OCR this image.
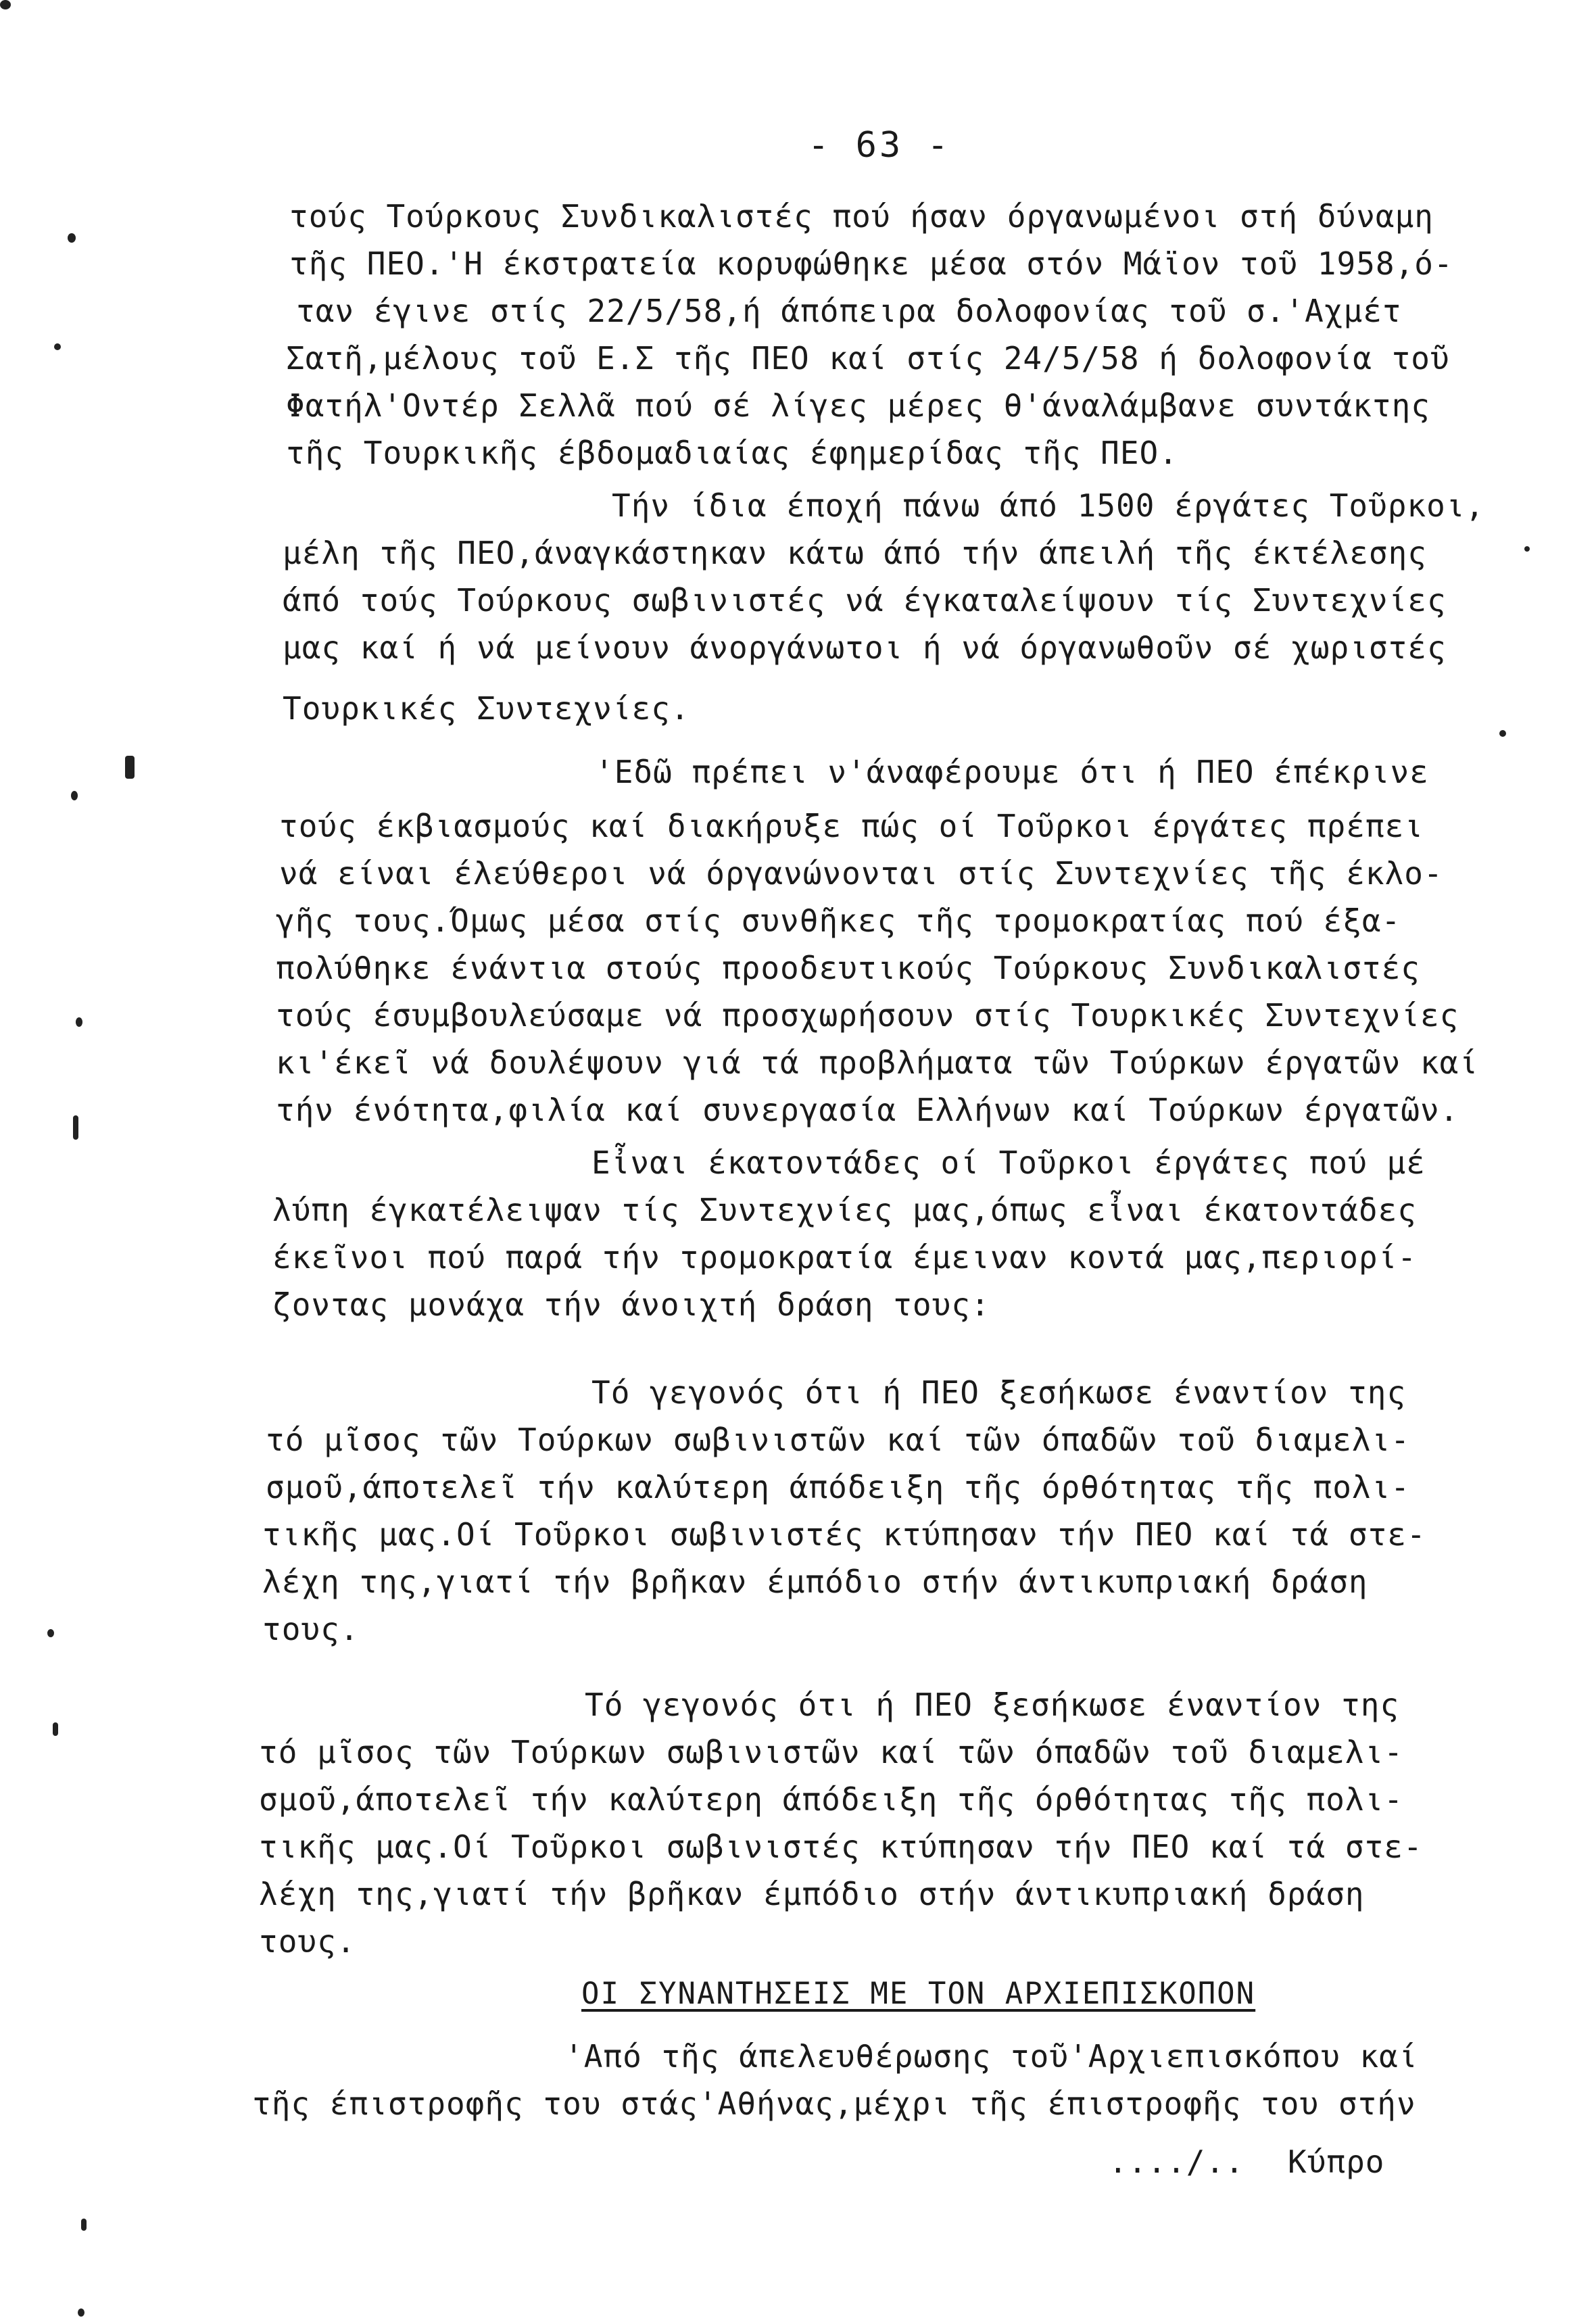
- 63 -
τούς Τούρκους Συνδικαλιστές πού ήσαν όργανωμένοι στή δύναμη
τῆς ΠΕΟ.'Η έκστρατεία κορυφώθηκε μέσα στόν Μάϊον τοῦ 1958,ό-
ταν έγινε στίς 22/5/58,ή άπόπειρα δολοφονίας τοῦ σ.'Αχμέτ
Σατῆ,μέλους τοῦ Ε.Σ τῆς ΠΕΟ καί στίς 24/5/58 ή δολοφονία τοῦ
Φατήλ'Οντέρ Σελλᾶ πού σέ λίγες μέρες θ'άναλάμβανε συντάκτης
τῆς Τουρκικῆς έβδομαδιαίας έφημερίδας τῆς ΠΕΟ.
Τήν ίδια έποχή πάνω άπό 1500 έργάτες Τοῦρκοι,
μέλη τῆς ΠΕΟ,άναγκάστηκαν κάτω άπό τήν άπειλή τῆς έκτέλεσης
άπό τούς Τούρκους σωβινιστές νά έγκαταλείψουν τίς Συντεχνίες
μας καί ή νά μείνουν άνοργάνωτοι ή νά όργανωθοῦν σέ χωριστές
Τουρκικές Συντεχνίες.
'Εδῶ πρέπει ν'άναφέρουμε ότι ή ΠΕΟ έπέκρινε
τούς έκβιασμούς καί διακήρυξε πώς οί Τοῦρκοι έργάτες πρέπει
νά είναι έλεύθεροι νά όργανώνονται στίς Συντεχνίες τῆς έκλο-
γῆς τους.Όμως μέσα στίς συνθῆκες τῆς τρομοκρατίας πού έξα-
πολύθηκε ένάντια στούς προοδευτικούς Τούρκους Συνδικαλιστές
τούς έσυμβουλεύσαμε νά προσχωρήσουν στίς Τουρκικές Συντεχνίες
κι'έκεῖ νά δουλέψουν γιά τά προβλήματα τῶν Τούρκων έργατῶν καί
τήν ένότητα,φιλία καί συνεργασία Ελλήνων καί Τούρκων έργατῶν.
Εἶναι έκατοντάδες οί Τοῦρκοι έργάτες πού μέ
λύπη έγκατέλειψαν τίς Συντεχνίες μας,όπως εἶναι έκατοντάδες
έκεῖνοι πού παρά τήν τρομοκρατία έμειναν κοντά μας,περιορί-
ζοντας μονάχα τήν άνοιχτή δράση τους:
Τό γεγονός ότι ή ΠΕΟ ξεσήκωσε έναντίον της
τό μῖσος τῶν Τούρκων σωβινιστῶν καί τῶν όπαδῶν τοῦ διαμελι-
σμοῦ,άποτελεῖ τήν καλύτερη άπόδειξη τῆς όρθότητας τῆς πολι-
τικῆς μας.Οί Τοῦρκοι σωβινιστές κτύπησαν τήν ΠΕΟ καί τά στε-
λέχη της,γιατί τήν βρῆκαν έμπόδιο στήν άντικυπριακή δράση
τους.
Τό γεγονός ότι ή ΠΕΟ ξεσήκωσε έναντίον της
τό μῖσος τῶν Τούρκων σωβινιστῶν καί τῶν όπαδῶν τοῦ διαμελι-
σμοῦ,άποτελεῖ τήν καλύτερη άπόδειξη τῆς όρθότητας τῆς πολι-
τικῆς μας.Οί Τοῦρκοι σωβινιστές κτύπησαν τήν ΠΕΟ καί τά στε-
λέχη της,γιατί τήν βρῆκαν έμπόδιο στήν άντικυπριακή δράση
τους.
ΟΙ ΣΥΝΑΝΤΗΣΕΙΣ ΜΕ ΤΟΝ ΑΡΧΙΕΠΙΣΚΟΠΟΝ
'Από τῆς άπελευθέρωσης τοῦ'Αρχιεπισκόπου καί
τῆς έπιστροφῆς του στάς'Αθήνας,μέχρι τῆς έπιστροφῆς του στήν
..../.. Κύπρο
